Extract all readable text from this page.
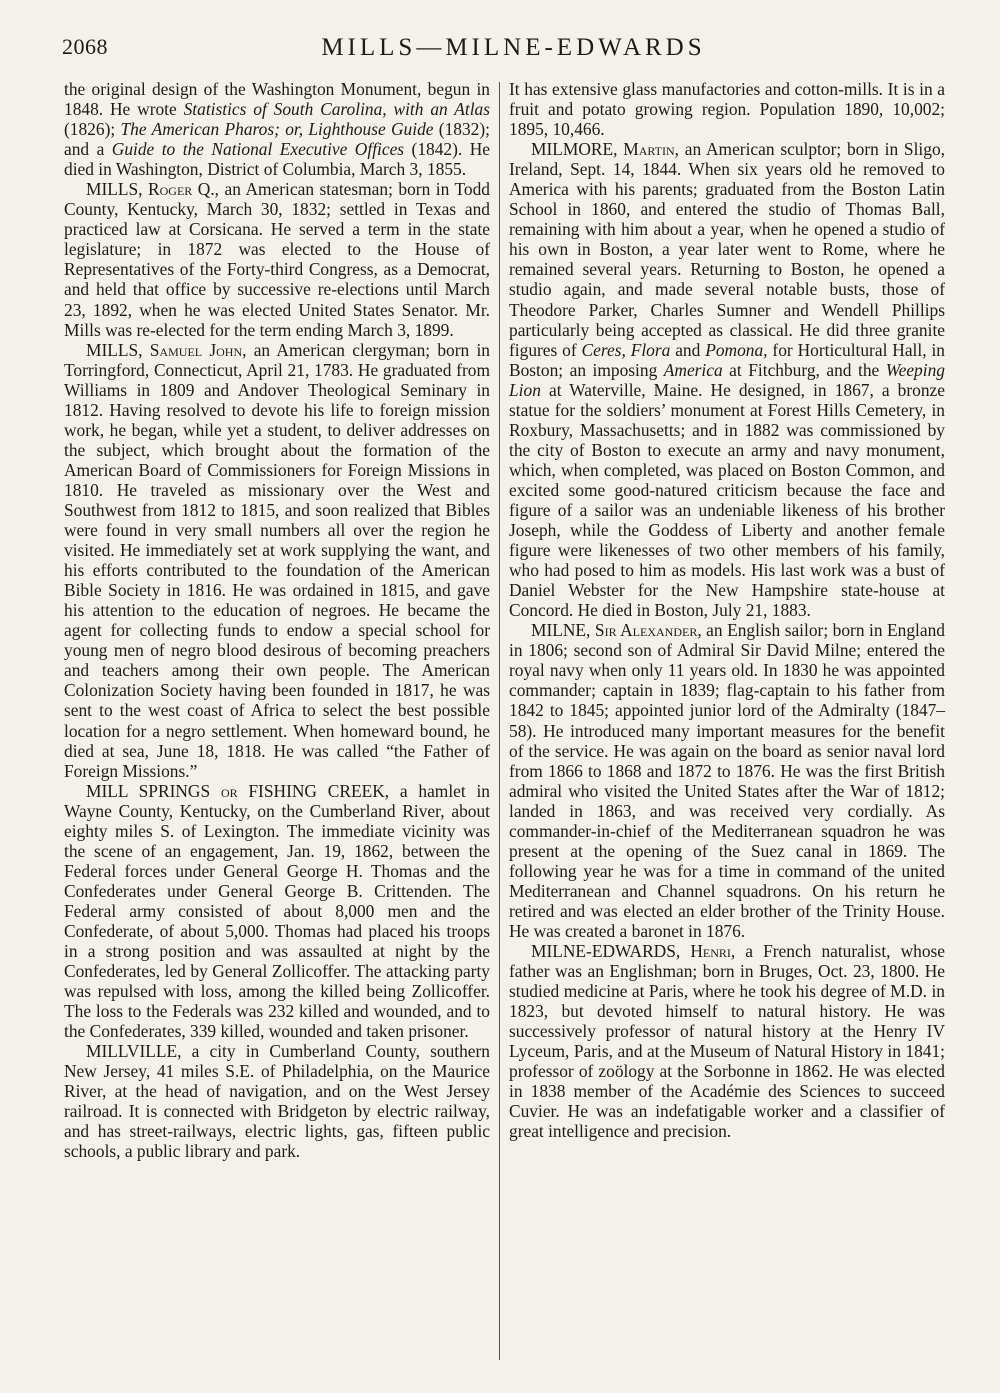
2068	MILLS—MILNE-EDWARDS

the original design of the Washington Monument, begun in 1848. He wrote Statistics of South Carolina, with an Atlas (1826); The American Pharos; or, Lighthouse Guide (1832); and a Guide to the National Executive Offices (1842). He died in Washington, District of Columbia, March 3, 1855.

MILLS, Roger Q., an American statesman; born in Todd County, Kentucky, March 30, 1832; settled in Texas and practiced law at Corsicana. He served a term in the state legislature; in 1872 was elected to the House of Representatives of the Forty-third Congress, as a Democrat, and held that office by successive re-elections until March 23, 1892, when he was elected United States Senator. Mr. Mills was re-elected for the term ending March 3, 1899.

MILLS, Samuel John, an American clergyman; born in Torringford, Connecticut, April 21, 1783. He graduated from Williams in 1809 and Andover Theological Seminary in 1812. Having resolved to devote his life to foreign mission work, he began, while yet a student, to deliver addresses on the subject, which brought about the formation of the American Board of Commissioners for Foreign Missions in 1810. He traveled as missionary over the West and Southwest from 1812 to 1815, and soon realized that Bibles were found in very small numbers all over the region he visited. He immediately set at work supplying the want, and his efforts contributed to the foundation of the American Bible Society in 1816. He was ordained in 1815, and gave his attention to the education of negroes. He became the agent for collecting funds to endow a special school for young men of negro blood desirous of becoming preachers and teachers among their own people. The American Colonization Society having been founded in 1817, he was sent to the west coast of Africa to select the best possible location for a negro settlement. When homeward bound, he died at sea, June 18, 1818. He was called “the Father of Foreign Missions.”

MILL SPRINGS or FISHING CREEK, a hamlet in Wayne County, Kentucky, on the Cumberland River, about eighty miles S. of Lexington. The immediate vicinity was the scene of an engagement, Jan. 19, 1862, between the Federal forces under General George H. Thomas and the Confederates under General George B. Crittenden. The Federal army consisted of about 8,000 men and the Confederate, of about 5,000. Thomas had placed his troops in a strong position and was assaulted at night by the Confederates, led by General Zollicoffer. The attacking party was repulsed with loss, among the killed being Zollicoffer. The loss to the Federals was 232 killed and wounded, and to the Confederates, 339 killed, wounded and taken prisoner.

MILLVILLE, a city in Cumberland County, southern New Jersey, 41 miles S.E. of Philadelphia, on the Maurice River, at the head of navigation, and on the West Jersey railroad. It is connected with Bridgeton by electric railway, and has street-railways, electric lights, gas, fifteen public schools, a public library and park.

It has extensive glass manufactories and cotton-mills. It is in a fruit and potato growing region. Population 1890, 10,002; 1895, 10,466.

MILMORE, Martin, an American sculptor; born in Sligo, Ireland, Sept. 14, 1844. When six years old he removed to America with his parents; graduated from the Boston Latin School in 1860, and entered the studio of Thomas Ball, remaining with him about a year, when he opened a studio of his own in Boston, a year later went to Rome, where he remained several years. Returning to Boston, he opened a studio again, and made several notable busts, those of Theodore Parker, Charles Sumner and Wendell Phillips particularly being accepted as classical. He did three granite figures of Ceres, Flora and Pomona, for Horticultural Hall, in Boston; an imposing America at Fitchburg, and the Weeping Lion at Waterville, Maine. He designed, in 1867, a bronze statue for the soldiers’ monument at Forest Hills Cemetery, in Roxbury, Massachusetts; and in 1882 was commissioned by the city of Boston to execute an army and navy monument, which, when completed, was placed on Boston Common, and excited some good-natured criticism because the face and figure of a sailor was an undeniable likeness of his brother Joseph, while the Goddess of Liberty and another female figure were likenesses of two other members of his family, who had posed to him as models. His last work was a bust of Daniel Webster for the New Hampshire state-house at Concord. He died in Boston, July 21, 1883.

MILNE, Sir Alexander, an English sailor; born in England in 1806; second son of Admiral Sir David Milne; entered the royal navy when only 11 years old. In 1830 he was appointed commander; captain in 1839; flag-captain to his father from 1842 to 1845; appointed junior lord of the Admiralty (1847–58). He introduced many important measures for the benefit of the service. He was again on the board as senior naval lord from 1866 to 1868 and 1872 to 1876. He was the first British admiral who visited the United States after the War of 1812; landed in 1863, and was received very cordially. As commander-in-chief of the Mediterranean squadron he was present at the opening of the Suez canal in 1869. The following year he was for a time in command of the united Mediterranean and Channel squadrons. On his return he retired and was elected an elder brother of the Trinity House. He was created a baronet in 1876.

MILNE-EDWARDS, Henri, a French naturalist, whose father was an Englishman; born in Bruges, Oct. 23, 1800. He studied medicine at Paris, where he took his degree of M.D. in 1823, but devoted himself to natural history. He was successively professor of natural history at the Henry IV Lyceum, Paris, and at the Museum of Natural History in 1841; professor of zoölogy at the Sorbonne in 1862. He was elected in 1838 member of the Académie des Sciences to succeed Cuvier. He was an indefatigable worker and a classifier of great intelligence and precision.
